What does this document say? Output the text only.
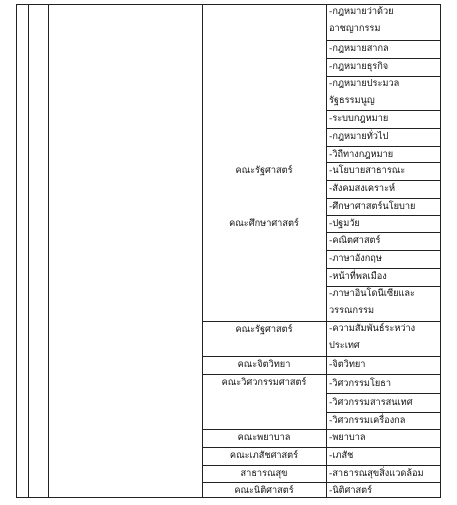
-กฎหมายว่าด้วย
อาชญากรรม
-กฎหมายสากล
-กฎหมายธุรกิจ
-กฎหมายประมวล
รัฐธรรมนูญ
-ระบบกฎหมาย
-กฎหมายทั่วไป
-วิถีทางกฎหมาย
-นโยบายสาธารณะ
คณะรัฐศาสตร์
-สังคมสงเคราะห์
-ศึกษาศาสตร์นโยบาย
-ปฐมวัย
คณะศึกษาศาสตร์
-คณิตศาสตร์
-ภาษาอังกฤษ
-หน้าที่พลเมือง
-ภาษาอินโดนีเซียและ
วรรณกรรม
-ความสัมพันธ์ระหว่าง
ประเทศ
คณะรัฐศาสตร์
-จิตวิทยา
คณะจิตวิทยา
-วิศวกรรมโยธา
คณะวิศวกรรมศาสตร์
-วิศวกรรมสารสนเทศ
-วิศวกรรมเครื่องกล
-พยาบาล
คณะพยาบาล
-เภสัช
คณะเภสัชศาสตร์
-สาธารณสุขสิ่งแวดล้อม
สาธารณสุข
-นิติศาสตร์
คณะนิติศาสตร์
